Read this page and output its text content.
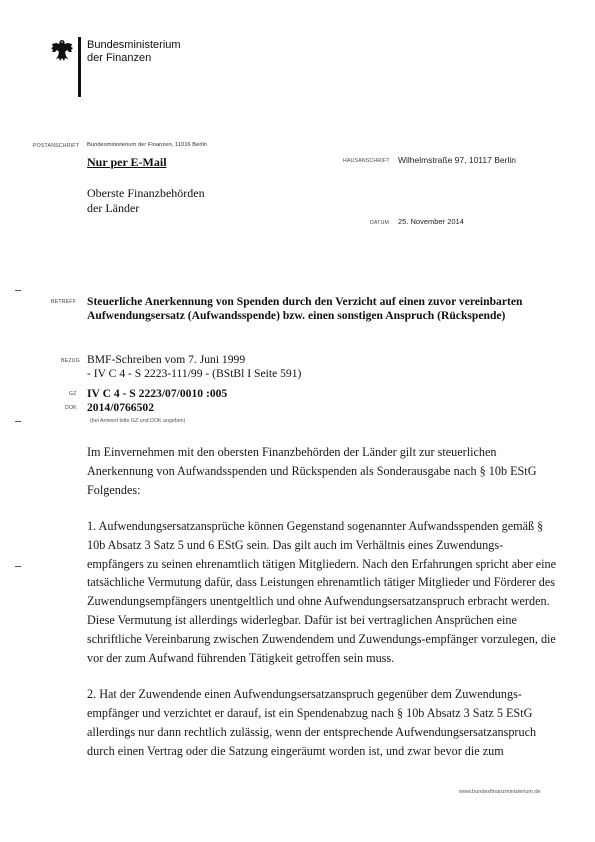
Bundesministerium
der Finanzen
POSTANSCHRIFT Bundesministerium der Finanzen, 11016 Berlin
Nur per E-Mail
Oberste Finanzbehörden
der Länder
HAUSANSCHRIFT Wilhelmstraße 97, 10117 Berlin
DATUM 25. November 2014
BETREFF Steuerliche Anerkennung von Spenden durch den Verzicht auf einen zuvor vereinbarten Aufwendungsersatz (Aufwandsspende) bzw. einen sonstigen Anspruch (Rückspende)
BEZUG BMF-Schreiben vom 7. Juni 1999
- IV C 4 - S 2223-111/99 - (BStBl I Seite 591)
GZ IV C 4 - S 2223/07/0010 :005
DOK 2014/0766502
(bei Antwort bitte GZ und DOK angeben)

Im Einvernehmen mit den obersten Finanzbehörden der Länder gilt zur steuerlichen Anerkennung von Aufwandsspenden und Rückspenden als Sonderausgabe nach § 10b EStG Folgendes:

1. Aufwendungsersatzansprüche können Gegenstand sogenannter Aufwandsspenden gemäß § 10b Absatz 3 Satz 5 und 6 EStG sein. Das gilt auch im Verhältnis eines Zuwendungs-empfängers zu seinen ehrenamtlich tätigen Mitgliedern. Nach den Erfahrungen spricht aber eine tatsächliche Vermutung dafür, dass Leistungen ehrenamtlich tätiger Mitglieder und Förderer des Zuwendungsempfängers unentgeltlich und ohne Aufwendungsersatzanspruch erbracht werden. Diese Vermutung ist allerdings widerlegbar. Dafür ist bei vertraglichen Ansprüchen eine schriftliche Vereinbarung zwischen Zuwendendem und Zuwendungs-empfänger vorzulegen, die vor der zum Aufwand führenden Tätigkeit getroffen sein muss.

2. Hat der Zuwendende einen Aufwendungsersatzanspruch gegenüber dem Zuwendungs-empfänger und verzichtet er darauf, ist ein Spendenabzug nach § 10b Absatz 3 Satz 5 EStG allerdings nur dann rechtlich zulässig, wenn der entsprechende Aufwendungsersatzanspruch durch einen Vertrag oder die Satzung eingeräumt worden ist, und zwar bevor die zum

www.bundesfinanzministerium.de
